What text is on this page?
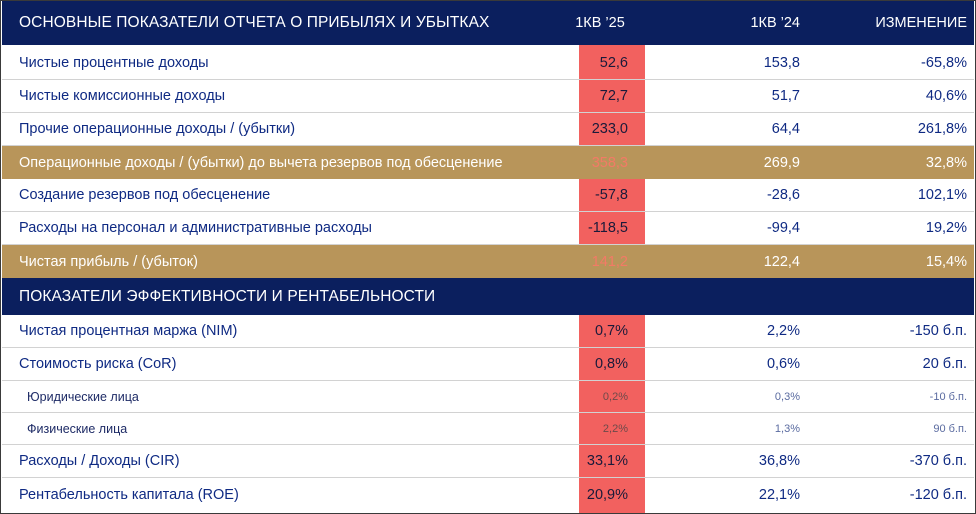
ОСНОВНЫЕ ПОКАЗАТЕЛИ ОТЧЕТА О ПРИБЫЛЯХ И УБЫТКАХ	1КВ ’25	1КВ ’24	ИЗМЕНЕНИЕ
Чистые процентные доходы	52,6	153,8	-65,8%
Чистые комиссионные доходы	72,7	51,7	40,6%
Прочие операционные доходы / (убытки)	233,0	64,4	261,8%
Операционные доходы / (убытки) до вычета резервов под обесценение	358,3	269,9	32,8%
Создание резервов под обесценение	-57,8	-28,6	102,1%
Расходы на персонал и административные расходы	-118,5	-99,4	19,2%
Чистая прибыль / (убыток)	141,2	122,4	15,4%
ПОКАЗАТЕЛИ ЭФФЕКТИВНОСТИ И РЕНТАБЕЛЬНОСТИ
Чистая процентная маржа (NIM)	0,7%	2,2%	-150 б.п.
Стоимость риска (CoR)	0,8%	0,6%	20 б.п.
Юридические лица	0,2%	0,3%	-10 б.п.
Физические лица	2,2%	1,3%	90 б.п.
Расходы / Доходы (CIR)	33,1%	36,8%	-370 б.п.
Рентабельность капитала (ROE)	20,9%	22,1%	-120 б.п.
